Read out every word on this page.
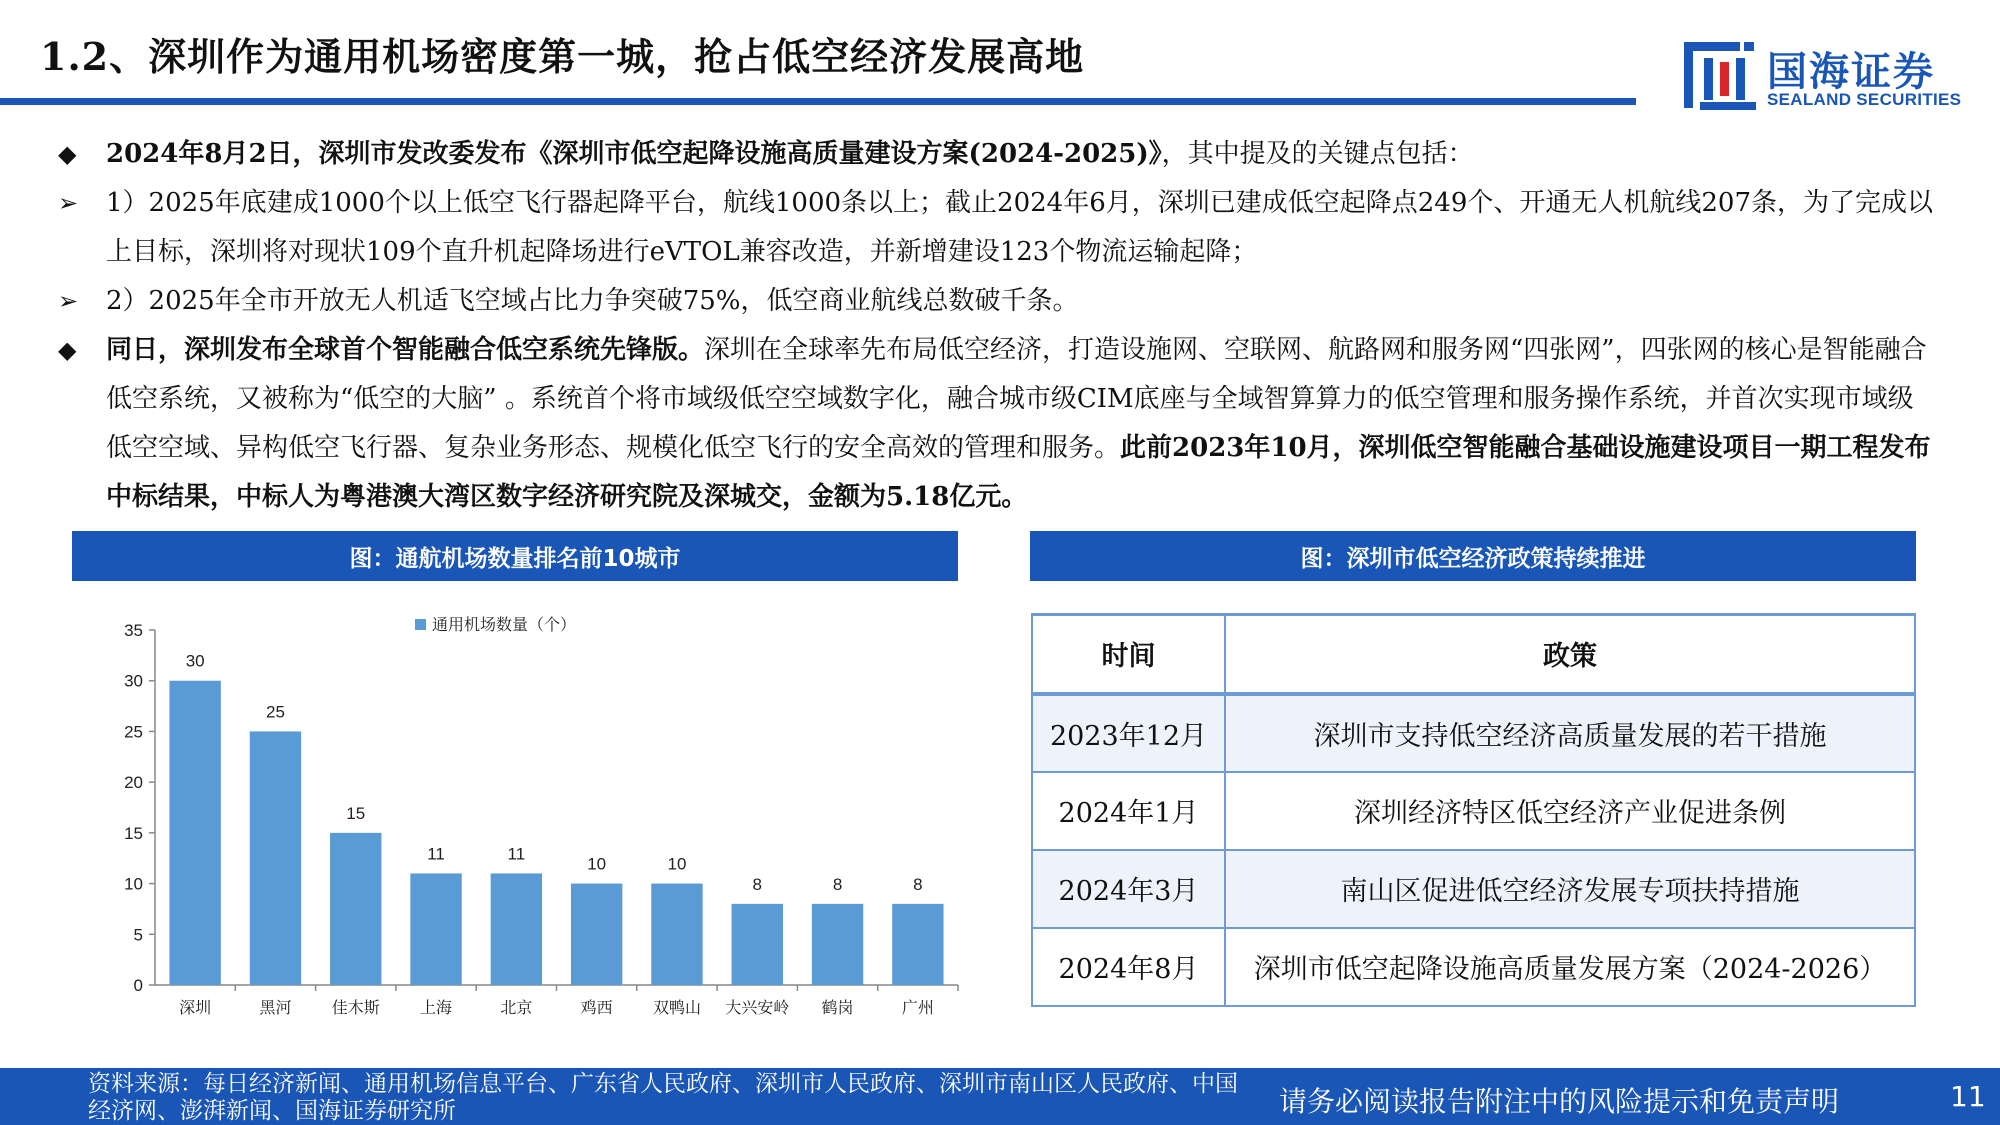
1.2、深圳作为通用机场密度第一城，抢占低空经济发展高地	国海证券
SEALAND SECURITIES
◆	2024年8月2日，深圳市发改委发布《深圳市低空起降设施高质量建设方案(2024-2025)》，其中提及的关键点包括：
➢	1）2025年底建成1000个以上低空飞行器起降平台，航线1000条以上；截止2024年6月，深圳已建成低空起降点249个、开通无人机航线207条，为了完成以上目标，深圳将对现状109个直升机起降场进行eVTOL兼容改造，并新增建设123个物流运输起降；
➢	2）2025年全市开放无人机适飞空域占比力争突破75%，低空商业航线总数破千条。
◆	同日，深圳发布全球首个智能融合低空系统先锋版。深圳在全球率先布局低空经济，打造设施网、空联网、航路网和服务网“四张网”，四张网的核心是智能融合低空系统，又被称为“低空的大脑” 。系统首个将市域级低空空域数字化，融合城市级CIM底座与全域智算算力的低空管理和服务操作系统，并首次实现市域级低空空域、异构低空飞行器、复杂业务形态、规模化低空飞行的安全高效的管理和服务。此前2023年10月，深圳低空智能融合基础设施建设项目一期工程发布中标结果，中标人为粤港澳大湾区数字经济研究院及深城交，金额为5.18亿元。
图：通航机场数量排名前10城市	图：深圳市低空经济政策持续推进
0
5
10
15
20
25
30
35
30
深圳
25
黑河
15
佳木斯
11
上海
11
北京
10
鸡西
10
双鸭山
8
大兴安岭
8
鹤岗
8
广州
通用机场数量（个）
时间	政策
2023年12月	深圳市支持低空经济高质量发展的若干措施
2024年1月	深圳经济特区低空经济产业促进条例
2024年3月	南山区促进低空经济发展专项扶持措施
2024年8月	深圳市低空起降设施高质量发展方案（2024-2026）
资料来源：每日经济新闻、通用机场信息平台、广东省人民政府、深圳市人民政府、深圳市南山区人民政府、中国经济网、澎湃新闻、国海证券研究所	请务必阅读报告附注中的风险提示和免责声明	11
